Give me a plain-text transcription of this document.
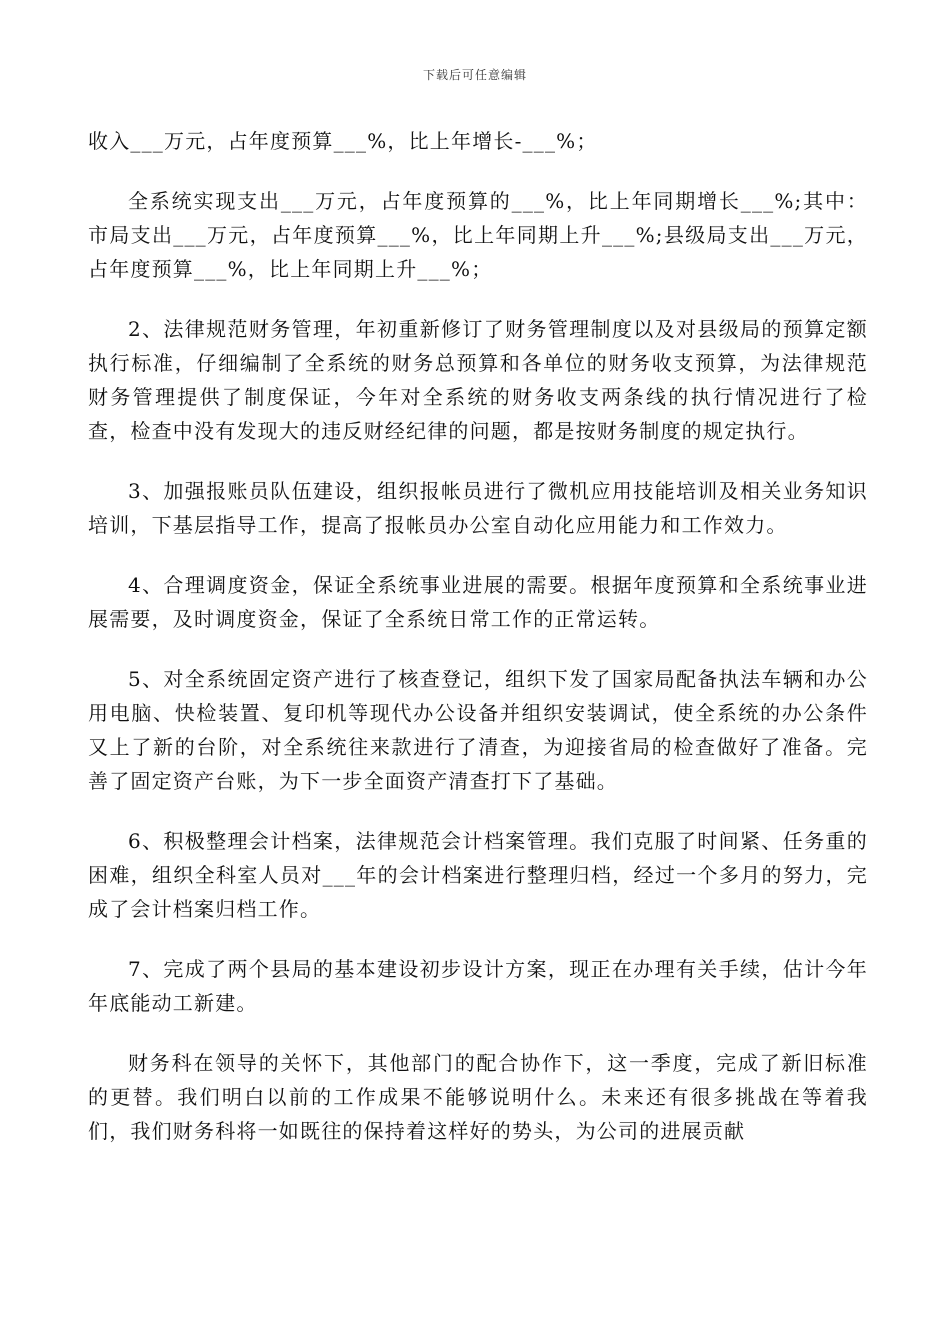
下载后可任意编辑

收入___万元，占年度预算___%，比上年增长-___%；

全系统实现支出___万元，占年度预算的___%，比上年同期增长___%;其中：市局支出___万元，占年度预算___%，比上年同期上升___%;县级局支出___万元，占年度预算___%，比上年同期上升___%；

2、法律规范财务管理，年初重新修订了财务管理制度以及对县级局的预算定额执行标准，仔细编制了全系统的财务总预算和各单位的财务收支预算，为法律规范财务管理提供了制度保证，今年对全系统的财务收支两条线的执行情况进行了检查，检查中没有发现大的违反财经纪律的问题，都是按财务制度的规定执行。

3、加强报账员队伍建设，组织报帐员进行了微机应用技能培训及相关业务知识培训，下基层指导工作，提高了报帐员办公室自动化应用能力和工作效力。

4、合理调度资金，保证全系统事业进展的需要。根据年度预算和全系统事业进展需要，及时调度资金，保证了全系统日常工作的正常运转。

5、对全系统固定资产进行了核查登记，组织下发了国家局配备执法车辆和办公用电脑、快检装置、复印机等现代办公设备并组织安装调试，使全系统的办公条件又上了新的台阶，对全系统往来款进行了清查，为迎接省局的检查做好了准备。完善了固定资产台账，为下一步全面资产清查打下了基础。

6、积极整理会计档案，法律规范会计档案管理。我们克服了时间紧、任务重的困难，组织全科室人员对___年的会计档案进行整理归档，经过一个多月的努力，完成了会计档案归档工作。

7、完成了两个县局的基本建设初步设计方案，现正在办理有关手续，估计今年年底能动工新建。

财务科在领导的关怀下，其他部门的配合协作下，这一季度，完成了新旧标准的更替。我们明白以前的工作成果不能够说明什么。未来还有很多挑战在等着我们，我们财务科将一如既往的保持着这样好的势头，为公司的进展贡献
